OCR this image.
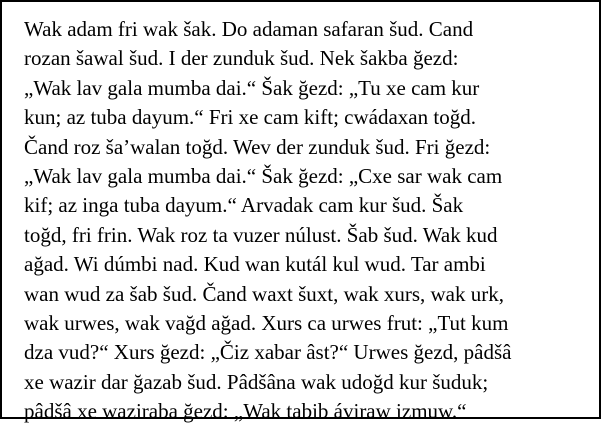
Wak adam fri wak šak. Do adaman safaran šud. Cand
rozan šawal šud. I der zunduk šud. Nek šakba ğezd:
„Wak lav gala mumba dai.“ Šak ğezd: „Tu xe cam kur
kun; az tuba dayum.“ Fri xe cam kift; cwádaxan toğd.
Čand roz ša’walan toğd. Wev der zunduk šud. Fri ğezd:
„Wak lav gala mumba dai.“ Šak ğezd: „Cxe sar wak cam
kif; az inga tuba dayum.“ Arvadak cam kur šud. Šak
toğd, fri frin. Wak roz ta vuzer núlust. Šab šud. Wak kud
ağad. Wi dúmbi nad. Kud wan kutál kul wud. Tar ambi
wan wud za šab šud. Čand waxt šuxt, wak xurs, wak urk,
wak urwes, wak vağd ağad. Xurs ca urwes frut: „Tut kum
dza vud?“ Xurs ğezd: „Čiz xabar âst?“ Urwes ğezd, pâdšâ
xe wazir dar ğazab šud. Pâdšâna wak udoğd kur šuduk;
pâdšâ xe waziraba ğezd: „Wak tabib áviraw izmuw.“
